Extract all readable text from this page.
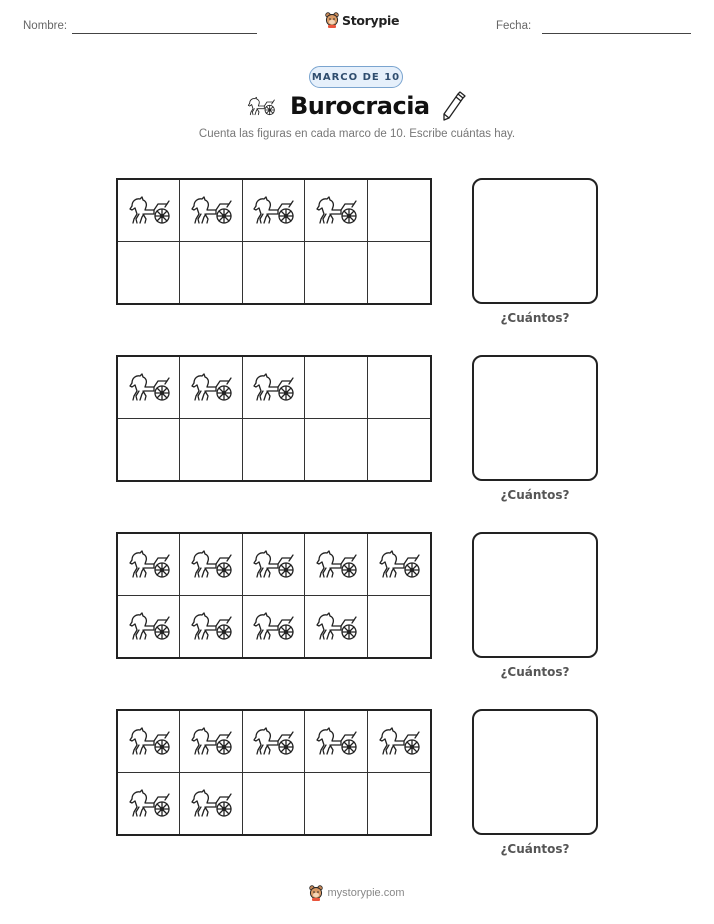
Nombre:	Storypie	Fecha:
MARCO DE 10
Burocracia
Cuenta las figuras en cada marco de 10. Escribe cuántas hay.
¿Cuántos?
¿Cuántos?
¿Cuántos?
¿Cuántos?
mystorypie.com
